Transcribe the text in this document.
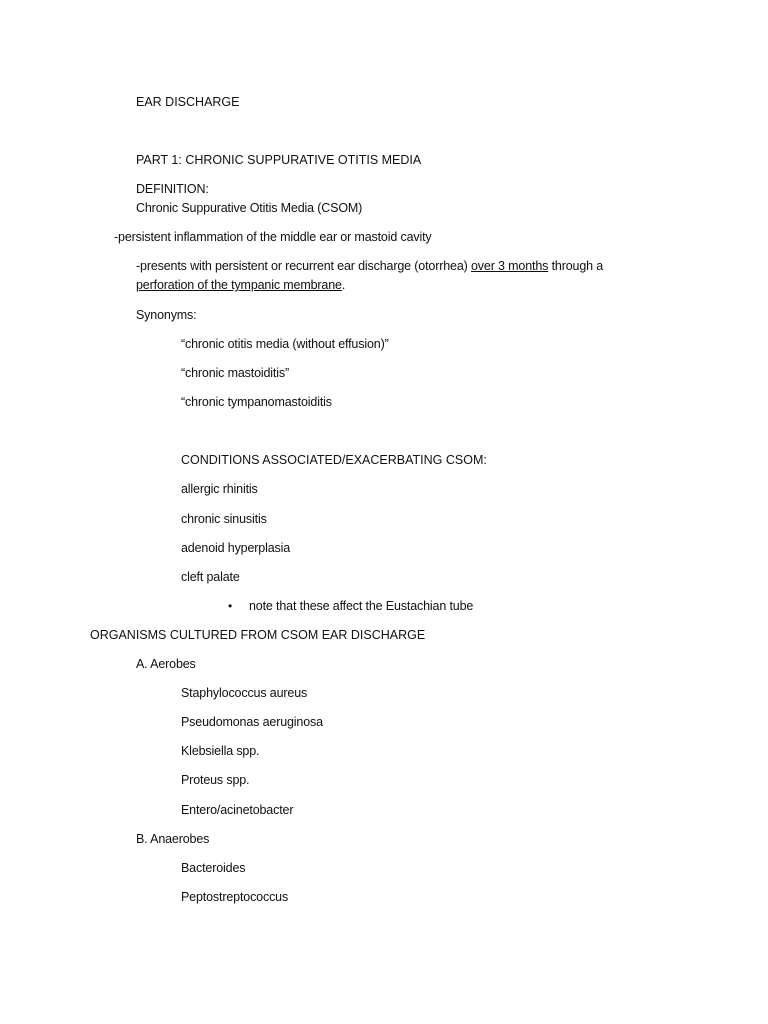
EAR DISCHARGE
PART 1: CHRONIC SUPPURATIVE OTITIS MEDIA
DEFINITION:
Chronic Suppurative Otitis Media (CSOM)
-persistent inflammation of the middle ear or mastoid cavity
-presents with persistent or recurrent ear discharge (otorrhea) over 3 months through a
perforation of the tympanic membrane.
Synonyms:
“chronic otitis media (without effusion)”
“chronic mastoiditis”
“chronic tympanomastoiditis
CONDITIONS ASSOCIATED/EXACERBATING CSOM:
allergic rhinitis
chronic sinusitis
adenoid hyperplasia
cleft palate
• note that these affect the Eustachian tube
ORGANISMS CULTURED FROM CSOM EAR DISCHARGE
A. Aerobes
Staphylococcus aureus
Pseudomonas aeruginosa
Klebsiella spp.
Proteus spp.
Entero/acinetobacter
B. Anaerobes
Bacteroides
Peptostreptococcus
